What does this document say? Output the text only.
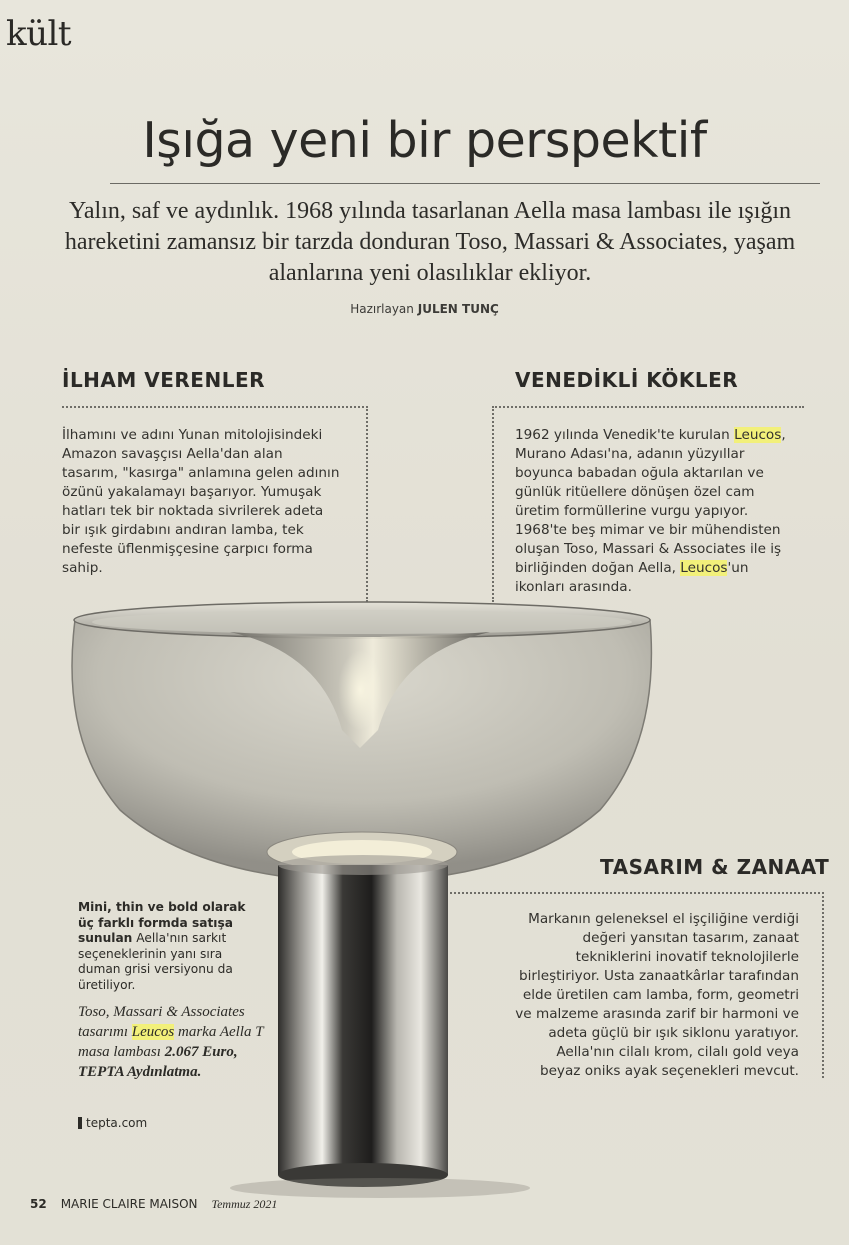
kült
Işığa yeni bir perspektif

Yalın, saf ve aydınlık. 1968 yılında tasarlanan Aella masa lambası ile ışığın hareketini zamansız bir tarzda donduran Toso, Massari & Associates, yaşam alanlarına yeni olasılıklar ekliyor.

Hazırlayan JULEN TUNÇ
İLHAM VERENLER

İlhamını ve adını Yunan mitolojisindeki Amazon savaşçısı Aella'dan alan tasarım, "kasırga" anlamına gelen adının özünü yakalamayı başarıyor. Yumuşak hatları tek bir noktada sivrilerek adeta bir ışık girdabını andıran lamba, tek nefeste üflenmişçesine çarpıcı forma sahip.

VENEDİKLİ KÖKLER

1962 yılında Venedik'te kurulan Leucos, Murano Adası'na, adanın yüzyıllar boyunca babadan oğula aktarılan ve günlük ritüellere dönüşen özel cam üretim formüllerine vurgu yapıyor. 1968'te beş mimar ve bir mühendisten oluşan Toso, Massari & Associates ile iş birliğinden doğan Aella, Leucos'un ikonları arasında.

TASARIM & ZANAAT

Markanın geleneksel el işçiliğine verdiği değeri yansıtan tasarım, zanaat tekniklerini inovatif teknolojilerle birleştiriyor. Usta zanaatkârlar tarafından elde üretilen cam lamba, form, geometri ve malzeme arasında zarif bir harmoni ve adeta güçlü bir ışık siklonu yaratıyor. Aella'nın cilalı krom, cilalı gold veya beyaz oniks ayak seçenekleri mevcut.

Mini, thin ve bold olarak üç farklı formda satışa sunulan Aella'nın sarkıt seçeneklerinin yanı sıra duman grisi versiyonu da üretiliyor.

Toso, Massari & Associates tasarımı Leucos marka Aella T masa lambası 2.067 Euro, TEPTA Aydınlatma.

tepta.com
52 MARIE CLAIRE MAISON Temmuz 2021
